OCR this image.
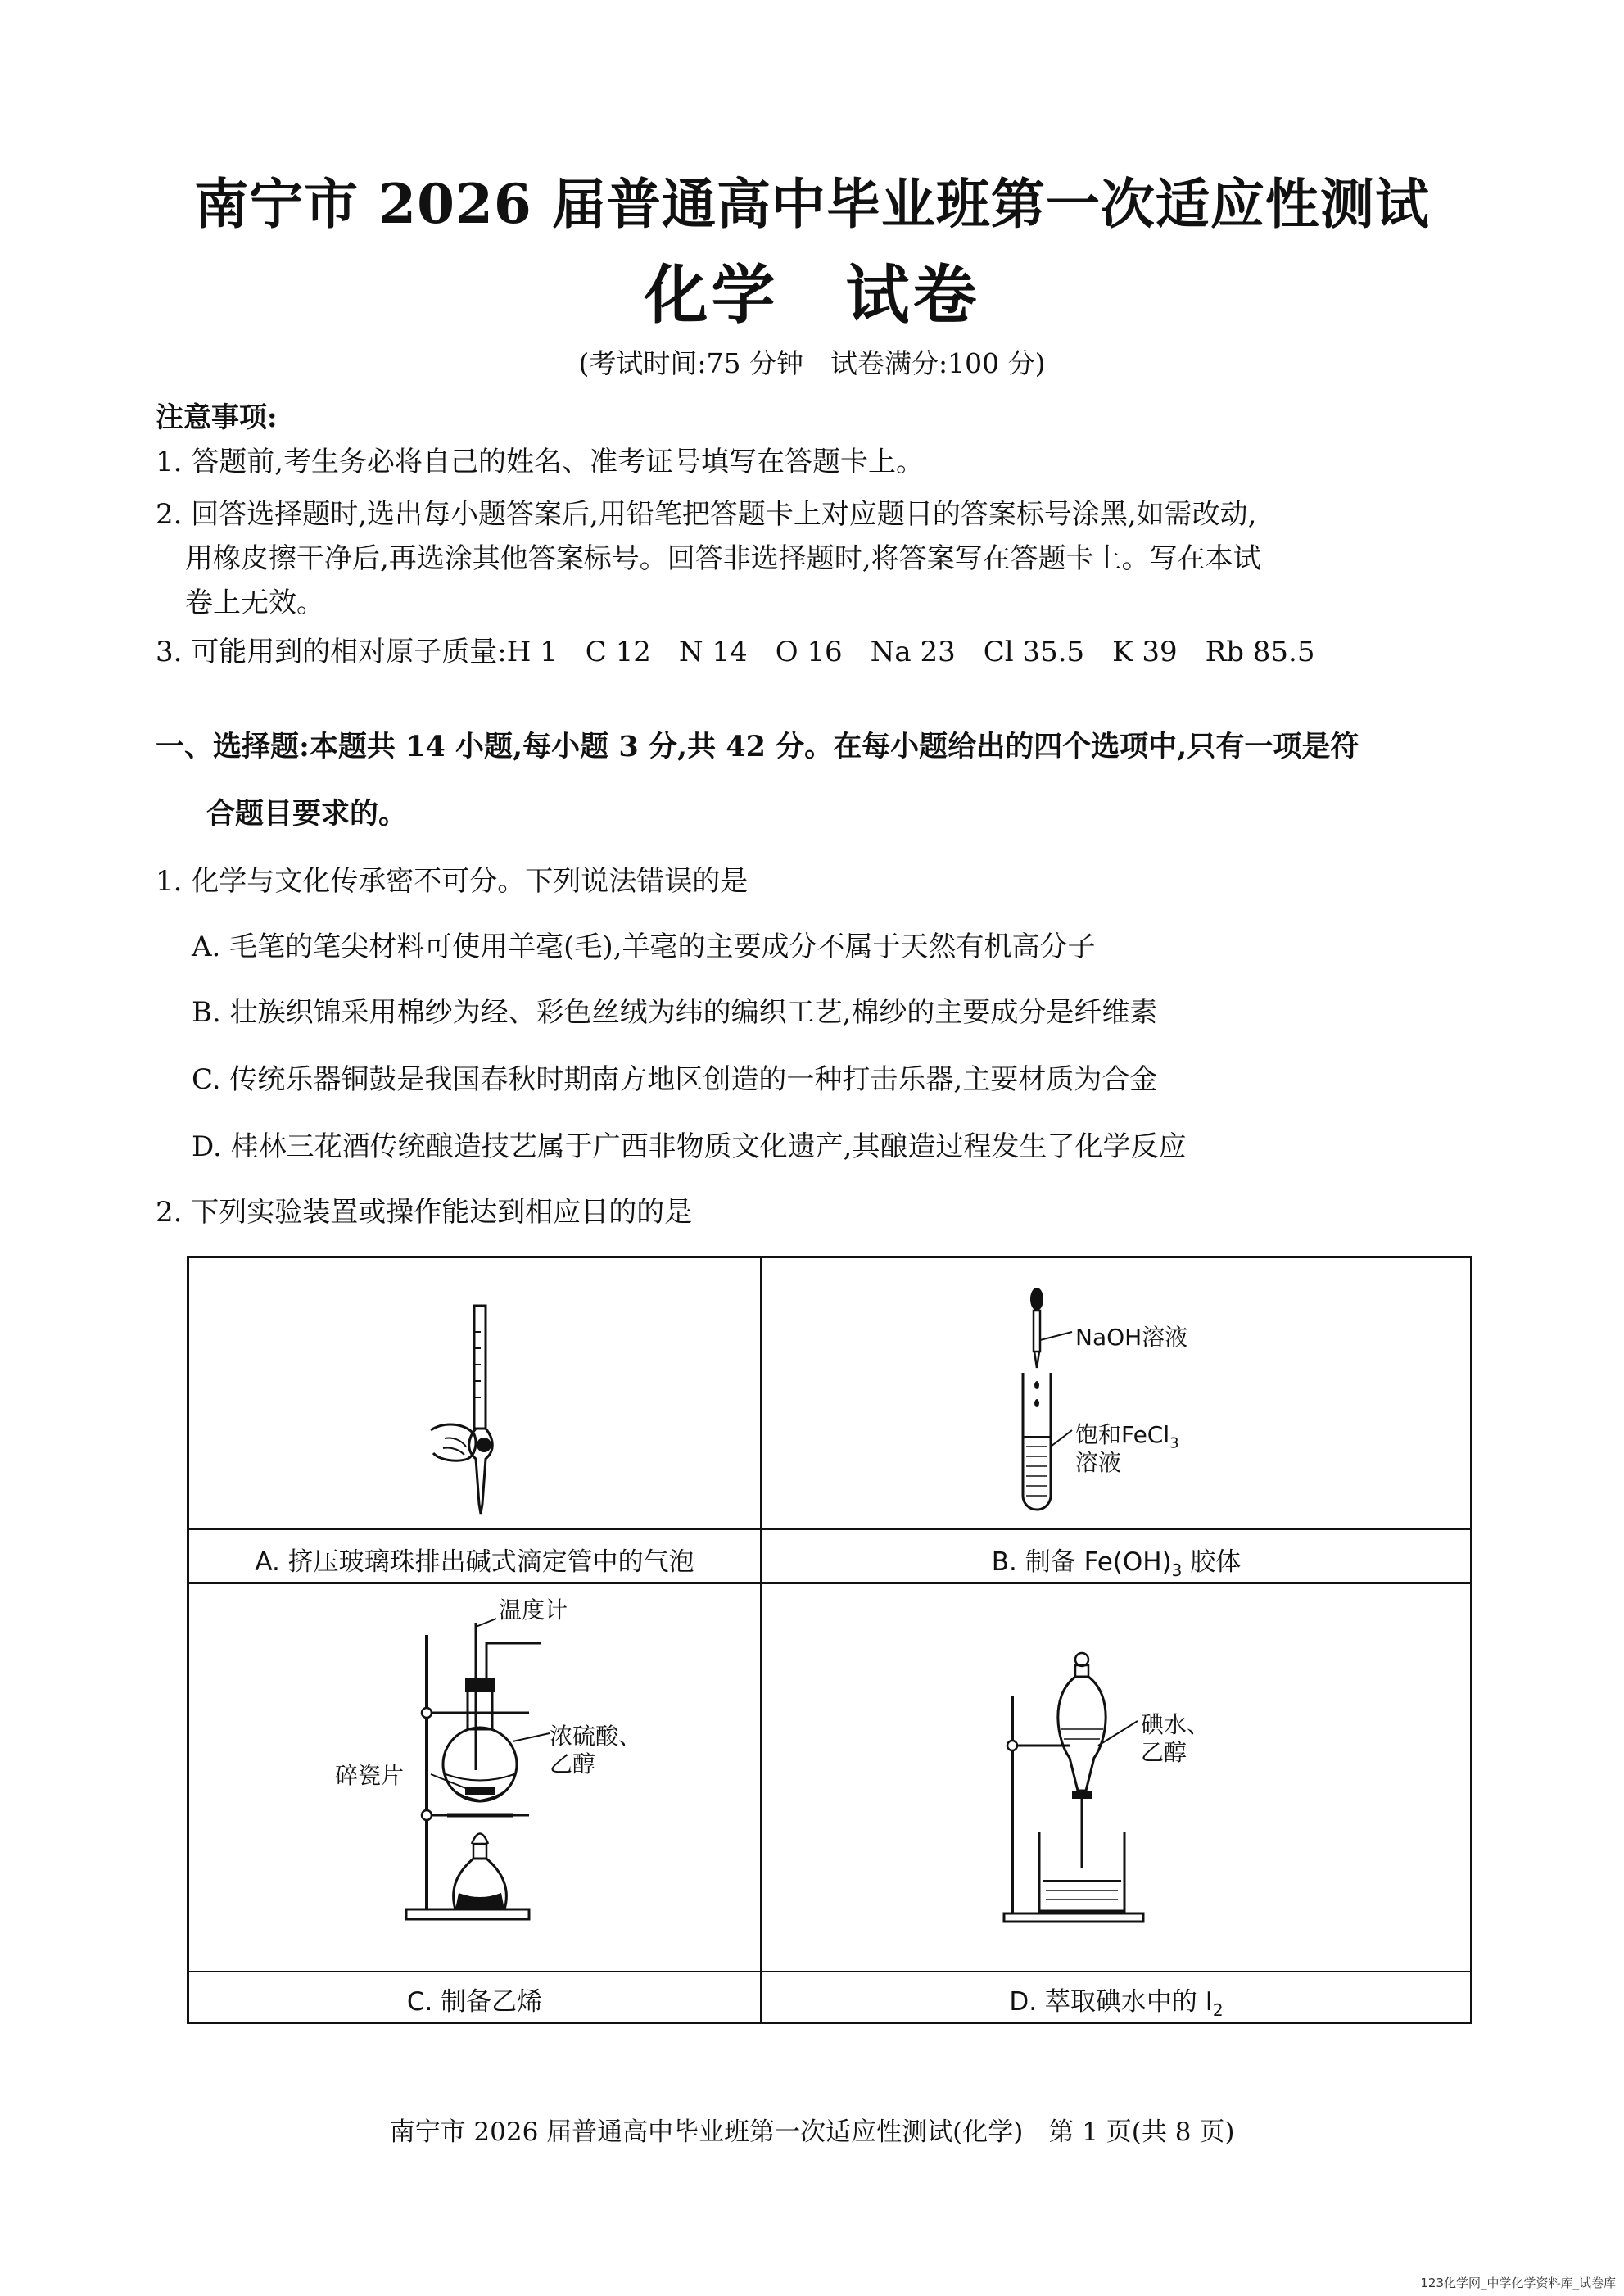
南宁市 2026 届普通高中毕业班第一次适应性测试
化学　试卷
(考试时间:75 分钟　试卷满分:100 分)
注意事项:
1. 答题前,考生务必将自己的姓名、准考证号填写在答题卡上。
2. 回答选择题时,选出每小题答案后,用铅笔把答题卡上对应题目的答案标号涂黑,如需改动,
用橡皮擦干净后,再选涂其他答案标号。回答非选择题时,将答案写在答题卡上。写在本试
卷上无效。
3. 可能用到的相对原子质量:H 1　C 12　N 14　O 16　Na 23　Cl 35.5　K 39　Rb 85.5
一、选择题:本题共 14 小题,每小题 3 分,共 42 分。在每小题给出的四个选项中,只有一项是符
合题目要求的。
1. 化学与文化传承密不可分。下列说法错误的是
A. 毛笔的笔尖材料可使用羊毫(毛),羊毫的主要成分不属于天然有机高分子
B. 壮族织锦采用棉纱为经、彩色丝绒为纬的编织工艺,棉纱的主要成分是纤维素
C. 传统乐器铜鼓是我国春秋时期南方地区创造的一种打击乐器,主要材质为合金
D. 桂林三花酒传统酿造技艺属于广西非物质文化遗产,其酿造过程发生了化学反应
2. 下列实验装置或操作能达到相应目的的是
A. 挤压玻璃珠排出碱式滴定管中的气泡
NaOH溶液
饱和FeCl$_3$
溶液
B. 制备 $Fe(OH)_3$ 胶体
温度计
浓硫酸、
乙醇
碎瓷片
C. 制备乙烯
碘水、
乙醇
D. 萃取碘水中的 $I_2$
南宁市 2026 届普通高中毕业班第一次适应性测试(化学)　第 1 页(共 8 页)
123化学网_中学化学资料库_试卷库
